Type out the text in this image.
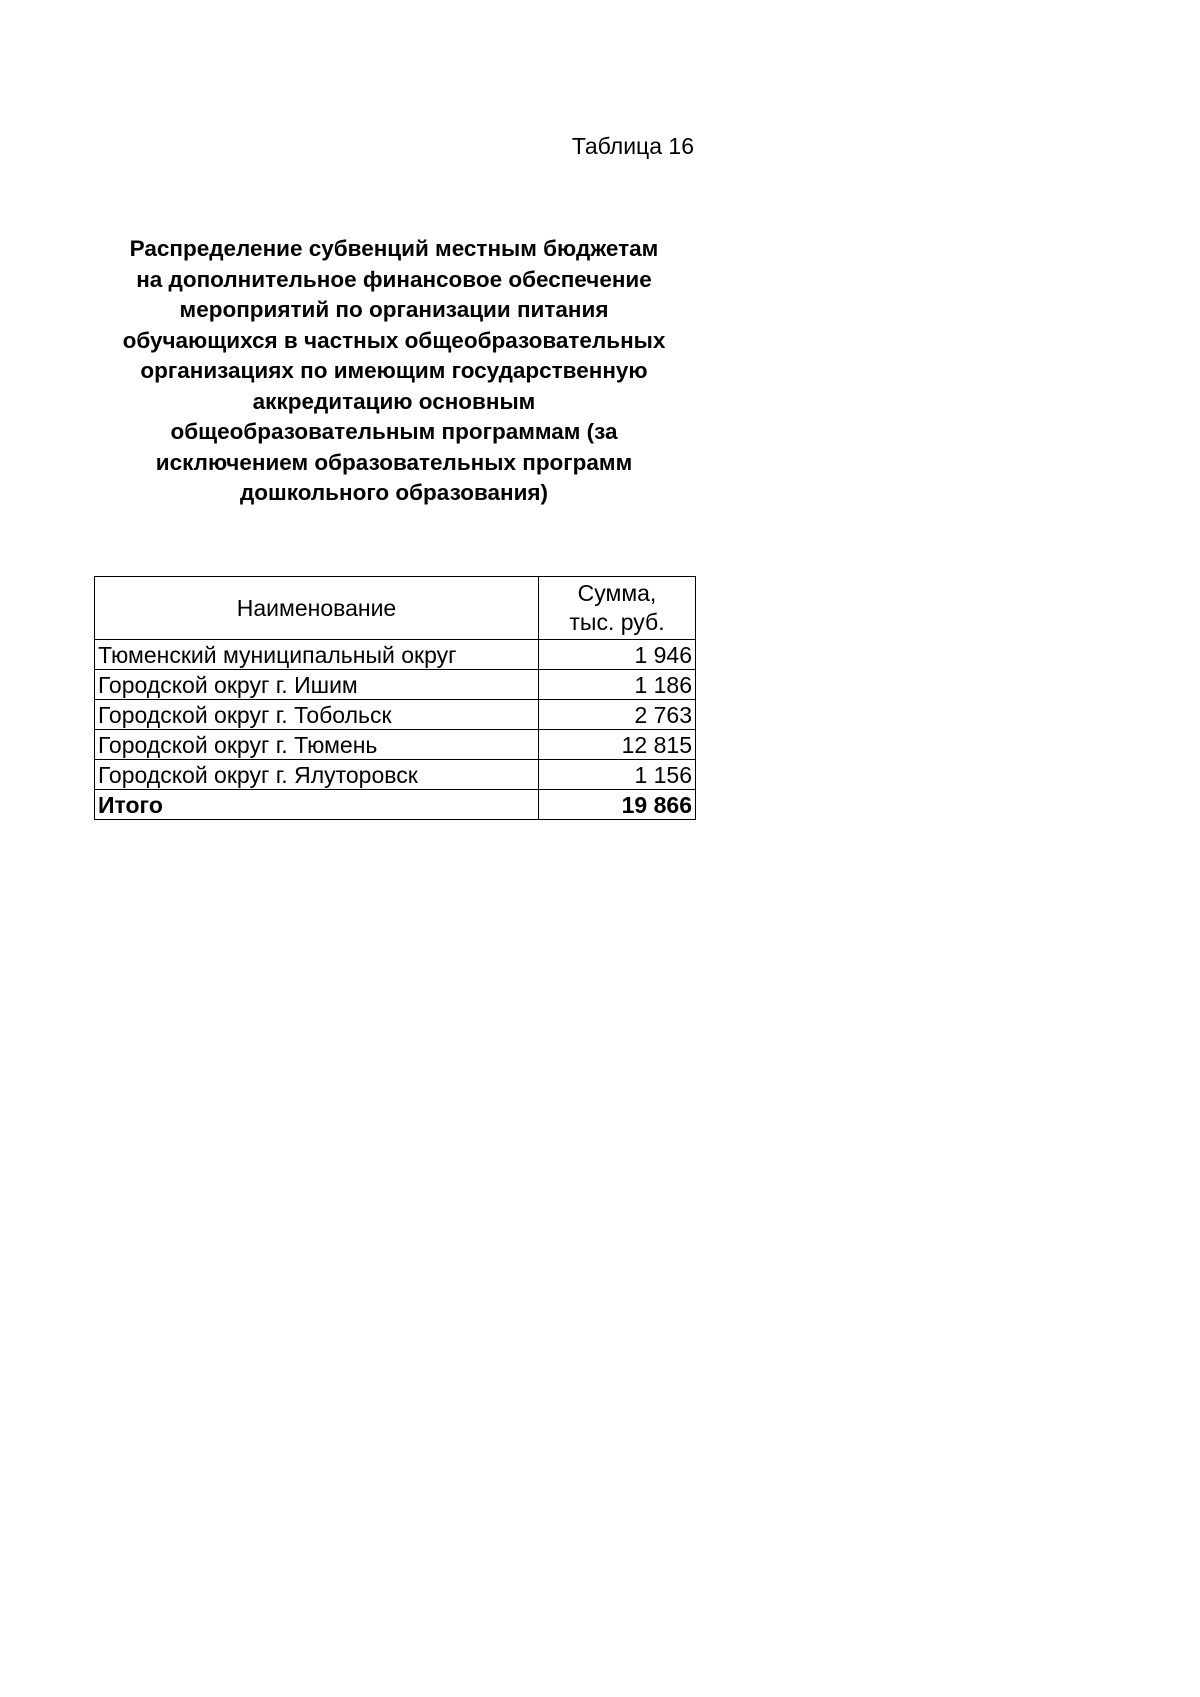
Таблица 16
Распределение субвенций местным бюджетам
на дополнительное финансовое обеспечение
мероприятий по организации питания
обучающихся в частных общеобразовательных
организациях по имеющим государственную
аккредитацию основным
общеобразовательным программам (за
исключением образовательных программ
дошкольного образования)
Наименование	Сумма,
тыс. руб.

Тюменский муниципальный округ	1 946
Городской округ г. Ишим	1 186
Городской округ г. Тобольск	2 763
Городской округ г. Тюмень	12 815
Городской округ г. Ялуторовск	1 156
Итого	19 866
